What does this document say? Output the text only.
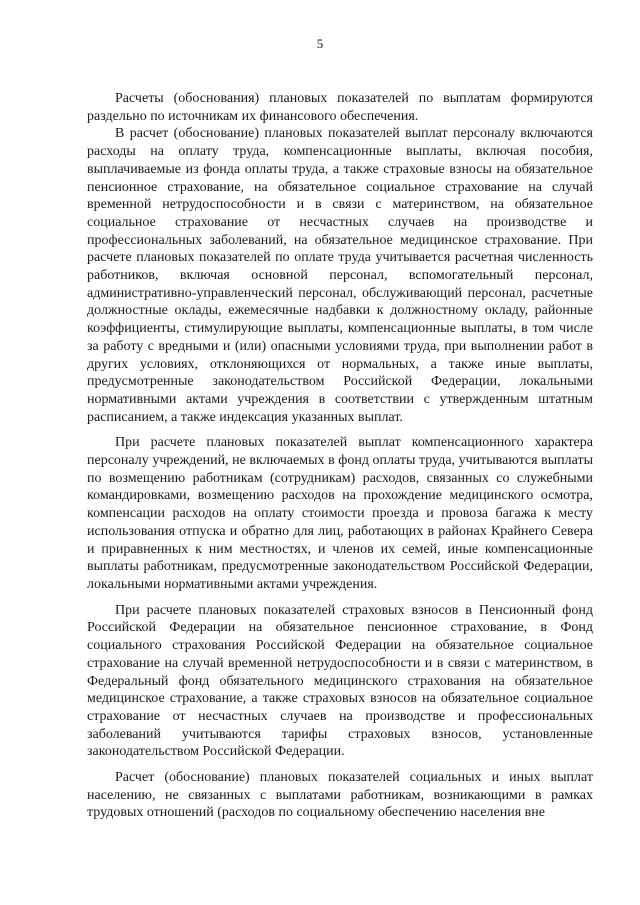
5

Расчеты (обоснования) плановых показателей по выплатам формируются раздельно по источникам их финансового обеспечения.

В расчет (обоснование) плановых показателей выплат персоналу включаются расходы на оплату труда, компенсационные выплаты, включая пособия, выплачиваемые из фонда оплаты труда, а также страховые взносы на обязательное пенсионное страхование, на обязательное социальное страхование на случай временной нетрудоспособности и в связи с материнством, на обязательное социальное страхование от несчастных случаев на производстве и профессиональных заболеваний, на обязательное медицинское страхование. При расчете плановых показателей по оплате труда учитывается расчетная численность работников, включая основной персонал, вспомогательный персонал, административно-управленческий персонал, обслуживающий персонал, расчетные должностные оклады, ежемесячные надбавки к должностному окладу, районные коэффициенты, стимулирующие выплаты, компенсационные выплаты, в том числе за работу с вредными и (или) опасными условиями труда, при выполнении работ в других условиях, отклоняющихся от нормальных, а также иные выплаты, предусмотренные законодательством Российской Федерации, локальными нормативными актами учреждения в соответствии с утвержденным штатным расписанием, а также индексация указанных выплат.

При расчете плановых показателей выплат компенсационного характера персоналу учреждений, не включаемых в фонд оплаты труда, учитываются выплаты по возмещению работникам (сотрудникам) расходов, связанных со служебными командировками, возмещению расходов на прохождение медицинского осмотра, компенсации расходов на оплату стоимости проезда и провоза багажа к месту использования отпуска и обратно для лиц, работающих в районах Крайнего Севера и приравненных к ним местностях, и членов их семей, иные компенсационные выплаты работникам, предусмотренные законодательством Российской Федерации, локальными нормативными актами учреждения.

При расчете плановых показателей страховых взносов в Пенсионный фонд Российской Федерации на обязательное пенсионное страхование, в Фонд социального страхования Российской Федерации на обязательное социальное страхование на случай временной нетрудоспособности и в связи с материнством, в Федеральный фонд обязательного медицинского страхования на обязательное медицинское страхование, а также страховых взносов на обязательное социальное страхование от несчастных случаев на производстве и профессиональных заболеваний учитываются тарифы страховых взносов, установленные законодательством Российской Федерации.

Расчет (обоснование) плановых показателей социальных и иных выплат населению, не связанных с выплатами работникам, возникающими в рамках трудовых отношений (расходов по социальному обеспечению населения вне
